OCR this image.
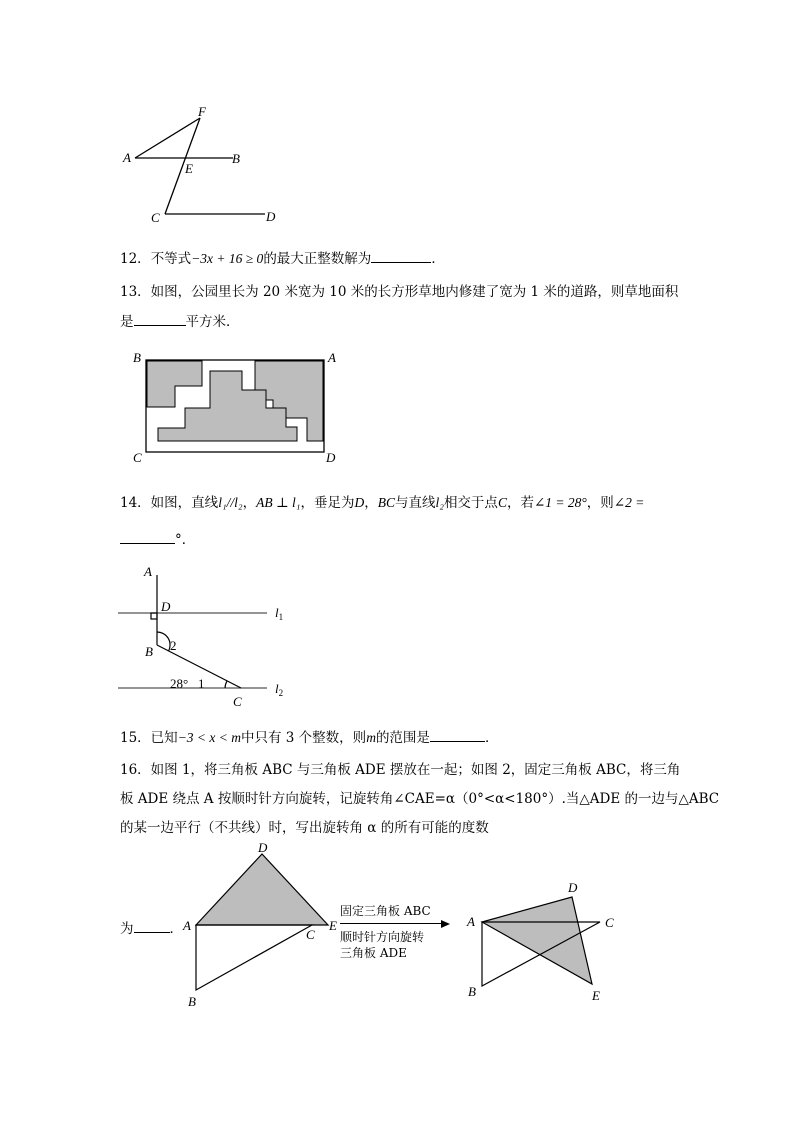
F
A
E
B
C	D
12．不等式−3x + 16 ≥ 0的最大正整数解为	．
13．如图，公园里长为 20 米宽为 10 米的长方形草地内修建了宽为 1 米的道路，则草地面积
是	平方米．
B	A
C	D
14．如图，直线l₁//l₂，AB ⊥ l₁，垂足为D，BC与直线l₂相交于点C，若∠1 = 28°，则∠2 =
°．
A
D	$l_1$
B 2
28° 1
C
$l_2$
15．已知−3 < x < m中只有 3 个整数，则m的范围是	．
16．如图 1，将三角板 ABC 与三角板 ADE 摆放在一起；如图 2，固定三角板 ABC，将三角
板 ADE 绕点 A 按顺时针方向旋转，记旋转角∠CAE=α（0°<α<180°）.当△ADE 的一边与△ABC
的某一边平行（不共线）时，写出旋转角 α 的所有可能的度数
为	．
D
A
C
E
B
固定三角板 ABC
顺时针方向旋转
三角板 ADE
D
A	C
B	E
